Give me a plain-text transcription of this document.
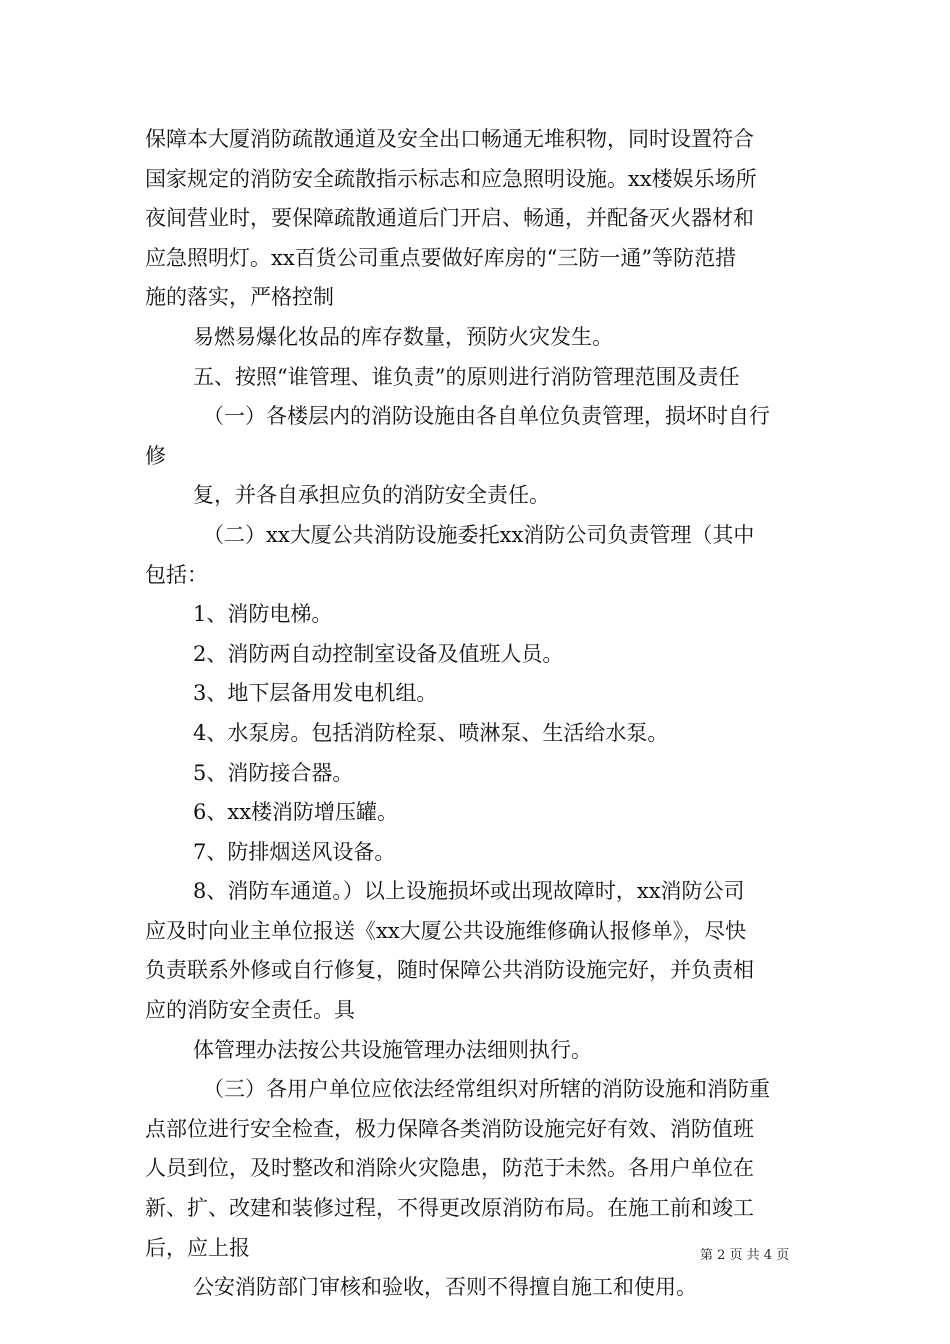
保障本大厦消防疏散通道及安全出口畅通无堆积物，同时设置符合
国家规定的消防安全疏散指示标志和应急照明设施。xx楼娱乐场所
夜间营业时，要保障疏散通道后门开启、畅通，并配备灭火器材和
应急照明灯。xx百货公司重点要做好库房的“三防一通”等防范措
施的落实，严格控制
易燃易爆化妆品的库存数量，预防火灾发生。
五、按照“谁管理、谁负责”的原则进行消防管理范围及责任
（一）各楼层内的消防设施由各自单位负责管理，损坏时自行
修
复，并各自承担应负的消防安全责任。
（二）xx大厦公共消防设施委托xx消防公司负责管理（其中
包括：
1、消防电梯。
2、消防两自动控制室设备及值班人员。
3、地下层备用发电机组。
4、水泵房。包括消防栓泵、喷淋泵、生活给水泵。
5、消防接合器。
6、xx楼消防增压罐。
7、防排烟送风设备。
8、消防车通道。）以上设施损坏或出现故障时，xx消防公司
应及时向业主单位报送《xx大厦公共设施维修确认报修单》，尽快
负责联系外修或自行修复，随时保障公共消防设施完好，并负责相
应的消防安全责任。具
体管理办法按公共设施管理办法细则执行。
（三）各用户单位应依法经常组织对所辖的消防设施和消防重
点部位进行安全检查，极力保障各类消防设施完好有效、消防值班
人员到位，及时整改和消除火灾隐患，防范于未然。各用户单位在
新、扩、改建和装修过程，不得更改原消防布局。在施工前和竣工
后，应上报
公安消防部门审核和验收，否则不得擅自施工和使用。
第 2 页 共 4 页
